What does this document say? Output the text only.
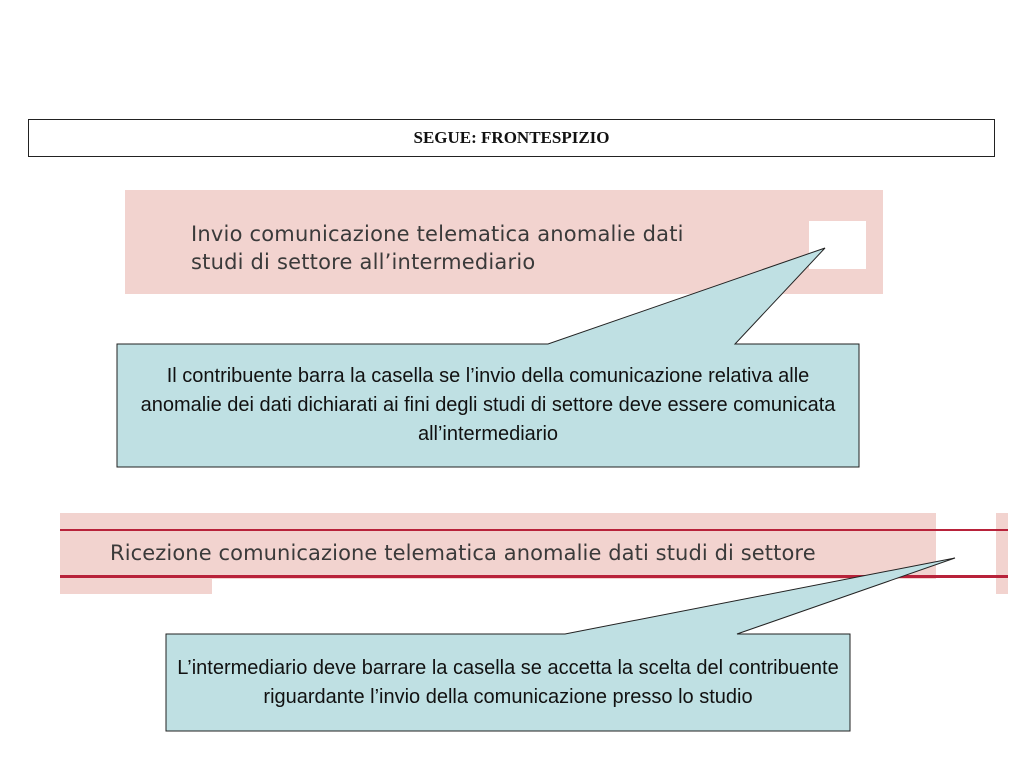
SEGUE: FRONTESPIZIO
Invio comunicazione telematica anomalie dati studi di settore all’intermediario
Ricezione comunicazione telematica anomalie dati studi di settore
Il contribuente barra la casella se l’invio della comunicazione relativa alle anomalie dei dati dichiarati ai fini degli studi di settore deve essere comunicata all’intermediario
L’intermediario deve barrare la casella se accetta la scelta del contribuente riguardante l’invio della comunicazione presso lo studio
